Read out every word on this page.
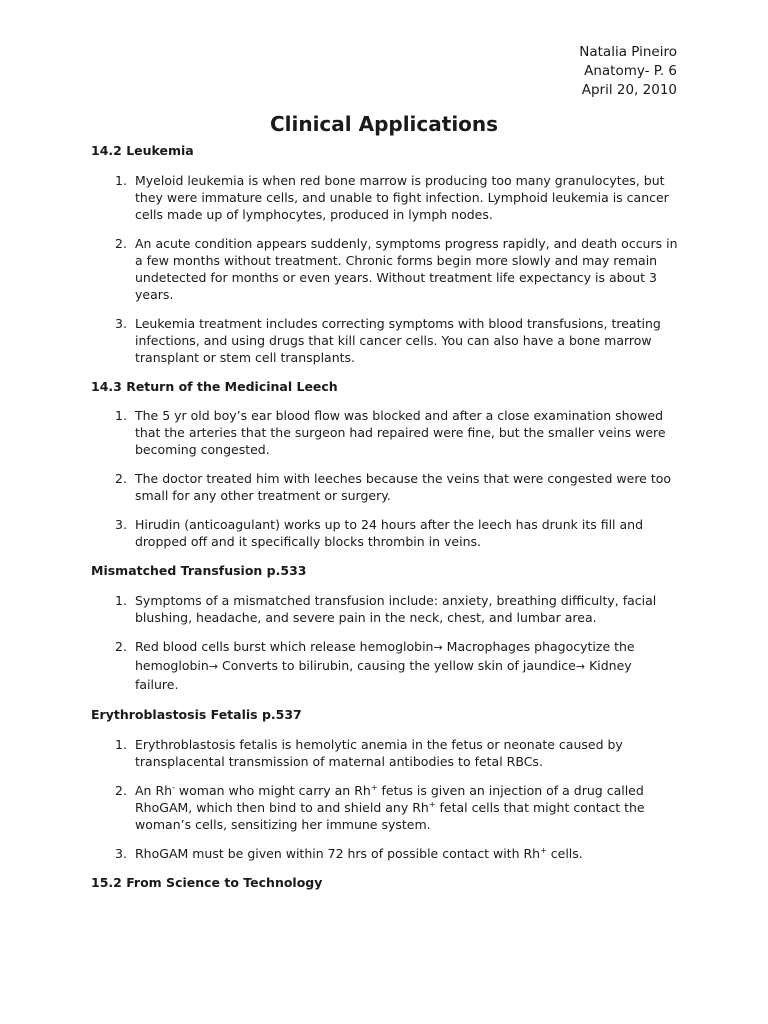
Natalia Pineiro
Anatomy- P. 6
April 20, 2010
Clinical Applications

14.2 Leukemia

1. Myeloid leukemia is when red bone marrow is producing too many granulocytes, but they were immature cells, and unable to fight infection. Lymphoid leukemia is cancer cells made up of lymphocytes, produced in lymph nodes.
2. An acute condition appears suddenly, symptoms progress rapidly, and death occurs in a few months without treatment. Chronic forms begin more slowly and may remain undetected for months or even years. Without treatment life expectancy is about 3 years.
3. Leukemia treatment includes correcting symptoms with blood transfusions, treating infections, and using drugs that kill cancer cells. You can also have a bone marrow transplant or stem cell transplants.

14.3 Return of the Medicinal Leech

1. The 5 yr old boy’s ear blood flow was blocked and after a close examination showed that the arteries that the surgeon had repaired were fine, but the smaller veins were becoming congested.
2. The doctor treated him with leeches because the veins that were congested were too small for any other treatment or surgery.
3. Hirudin (anticoagulant) works up to 24 hours after the leech has drunk its fill and dropped off and it specifically blocks thrombin in veins.

Mismatched Transfusion p.533

1. Symptoms of a mismatched transfusion include: anxiety, breathing difficulty, facial blushing, headache, and severe pain in the neck, chest, and lumbar area.
2. Red blood cells burst which release hemoglobin→ Macrophages phagocytize the hemoglobin→ Converts to bilirubin, causing the yellow skin of jaundice→ Kidney failure.

Erythroblastosis Fetalis p.537

1. Erythroblastosis fetalis is hemolytic anemia in the fetus or neonate caused by transplacental transmission of maternal antibodies to fetal RBCs.
2. An Rh- woman who might carry an Rh+ fetus is given an injection of a drug called RhoGAM, which then bind to and shield any Rh+ fetal cells that might contact the woman’s cells, sensitizing her immune system.
3. RhoGAM must be given within 72 hrs of possible contact with Rh+ cells.

15.2 From Science to Technology
